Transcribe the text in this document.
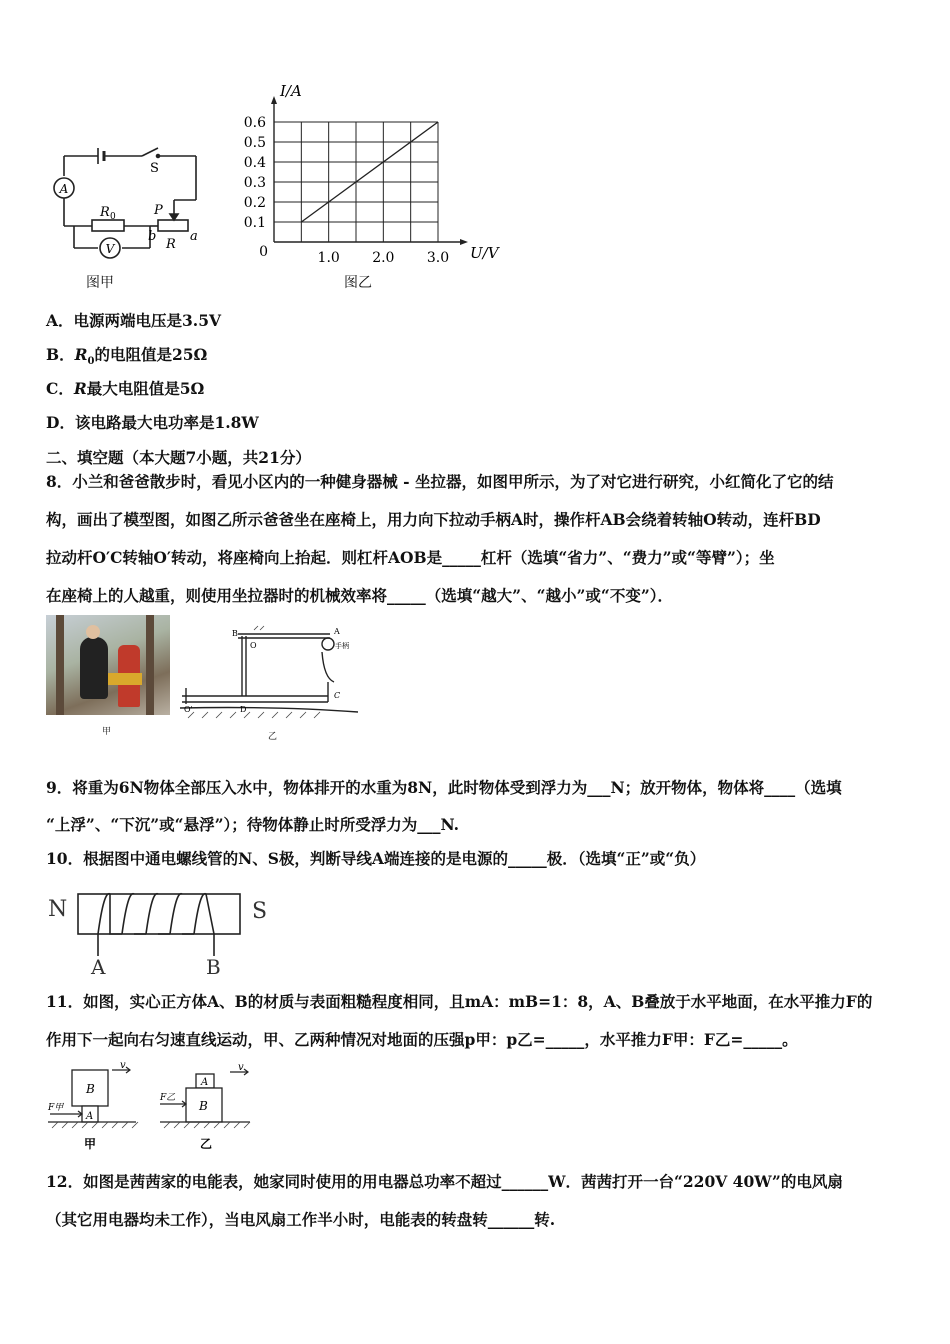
A
V
S
R 0	P
R
a
b
图甲
0.1
0.2
0.3
0.4
0.5
0.6
1.0 2.0 3.0
0	U/V
I/A
图乙
A．电源两端电压是3.5V
B．$R_0$的电阻值是25Ω
C．R最大电阻值是5Ω
D．该电路最大电功率是1.8W
二、填空题（本大题7小题，共21分）
8．小兰和爸爸散步时，看见小区内的一种健身器械 - 坐拉器，如图甲所示，为了对它进行研究，小红简化了它的结
构，画出了模型图，如图乙所示爸爸坐在座椅上，用力向下拉动手柄A时，操作杆AB会绕着转轴O转动，连杆BD
拉动杆O′C转轴O′转动，将座椅向上抬起．则杠杆AOB是_____杠杆（选填“省力”、“费力”或“等臂”）；坐
在座椅上的人越重，则使用坐拉器时的机械效率将_____（选填“越大”、“越小”或“不变”）．
甲
B
O
A
手柄
D
C
O'
乙
9．将重为6N物体全部压入水中，物体排开的水重为8N，此时物体受到浮力为___N；放开物体，物体将____（选填
“上浮”、“下沉”或“悬浮”）；待物体静止时所受浮力为___N.
10．根据图中通电螺线管的N、S极，判断导线A端连接的是电源的_____极．（选填“正”或“负）
N	S
A	B
11．如图，实心正方体A、B的材质与表面粗糙程度相同，且mA：mB=1：8，A、B叠放于水平地面，在水平推力F的
作用下一起向右匀速直线运动，甲、乙两种情况对地面的压强p甲：p乙=_____，水平推力F甲：F乙=_____。
B
A
A
B
v	v
F甲
F乙
甲	乙
12．如图是茜茜家的电能表，她家同时使用的用电器总功率不超过______W．茜茜打开一台“220V 40W”的电风扇
（其它用电器均未工作），当电风扇工作半小时，电能表的转盘转______转.
